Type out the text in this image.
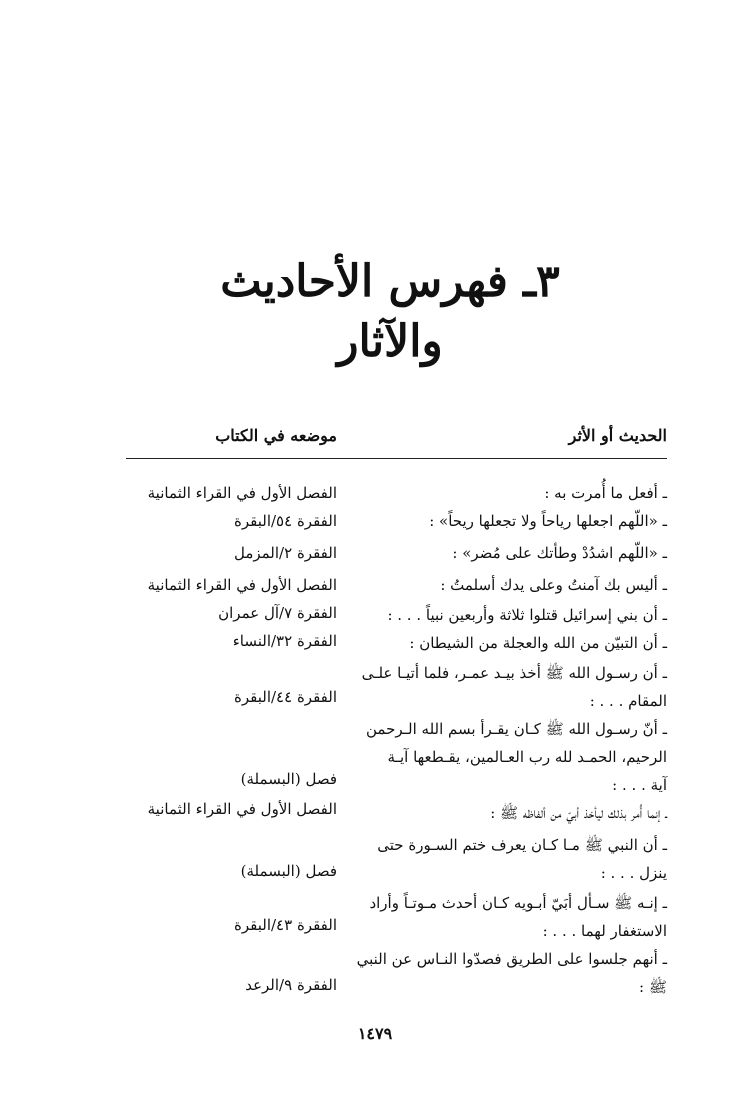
٣ـ فهرس الأحاديث والآثار
الحديث أو الأثر
موضعه في الكتاب
ـ أفعل ما أُمرت به :
ـ «اللّهم اجعلها رياحاً ولا تجعلها ريحاً» :
ـ «اللّهم اشدُدْ وطأتك على مُضر» :
ـ أليس بك آمنتُ وعلى يدك أسلمتُ :
ـ أن بني إسرائيل قتلوا ثلاثة وأربعين نبياً . . . :
ـ أن التبيّن من الله والعجلة من الشيطان :
ـ أن رسـول الله ﷺ أخذ بيـد عمـر، فلما أتيـا علـى
المقام . . . :
ـ أنّ رسـول الله ﷺ كـان يقـرأ بسم الله الـرحمن
الرحيم، الحمـد لله رب العـالمين، يقـطعها آيـة
آية . . . :
ـ إنما أُمر بذلك ليأخذ أبيّ من ألفاظه ﷺ :
ـ أن النبي ﷺ مـا كـان يعرف ختم السـورة حتى
ينزل . . . :
ـ إنـه ﷺ سـأل أبَيّ أبـويه كـان أحدث مـوتـاً وأراد
الاستغفار لهما . . . :
ـ أنهم جلسوا على الطريق فصدّوا النـاس عن النبي
ﷺ :
الفصل الأول في القراء الثمانية
الفقرة ٥٤/البقرة
الفقرة ٢/المزمل
الفصل الأول في القراء الثمانية
الفقرة ٧/آل عمران
الفقرة ٣٢/النساء
الفقرة ٤٤/البقرة
فصل (البسملة)
الفصل الأول في القراء الثمانية
فصل (البسملة)
الفقرة ٤٣/البقرة
الفقرة ٩/الرعد
١٤٧٩
